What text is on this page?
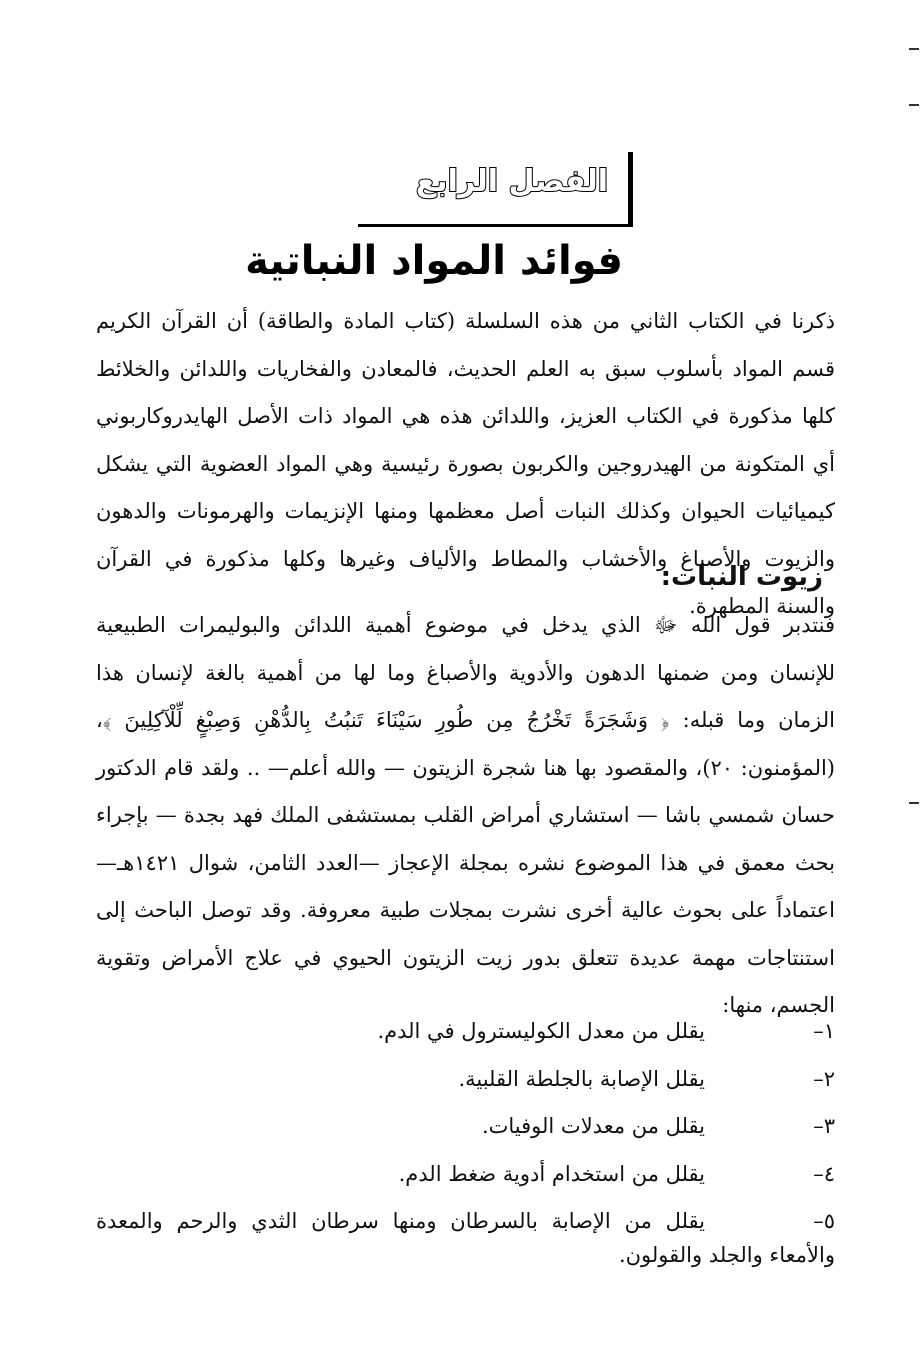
الفصل الرابع
فوائد المواد النباتية

ذكرنا في الكتاب الثاني من هذه السلسلة (كتاب المادة والطاقة) أن القرآن الكريم قسم المواد بأسلوب سبق به العلم الحديث، فالمعادن والفخاريات واللدائن والخلائط كلها مذكورة في الكتاب العزيز، واللدائن هذه هي المواد ذات الأصل الهايدروكاربوني أي المتكونة من الهيدروجين والكربون بصورة رئيسية وهي المواد العضوية التي يشكل كيميائيات الحيوان وكذلك النبات أصل معظمها ومنها الإنزيمات والهرمونات والدهون والزيوت والأصباغ والأخشاب والمطاط والألياف وغيرها وكلها مذكورة في القرآن والسنة المطهرة.

زيوت النبات:

فنتدبر قول الله ﷻ الذي يدخل في موضوع أهمية اللدائن والبوليمرات الطبيعية للإنسان ومن ضمنها الدهون والأدوية والأصباغ وما لها من أهمية بالغة لإنسان هذا الزمان وما قبله: ﴿ وَشَجَرَةً تَخْرُجُ مِن طُورِ سَيْنَاءَ تَنبُتُ بِالدُّهْنِ وَصِبْغٍ لِّلْآكِلِينَ ﴾، (المؤمنون: ٢٠)، والمقصود بها هنا شجرة الزيتون — والله أعلم— .. ولقد قام الدكتور حسان شمسي باشا — استشاري أمراض القلب بمستشفى الملك فهد بجدة — بإجراء بحث معمق في هذا الموضوع نشره بمجلة الإعجاز —العدد الثامن، شوال ١٤٢١هـ— اعتماداً على بحوث عالية أخرى نشرت بمجلات طبية معروفة. وقد توصل الباحث إلى استنتاجات مهمة عديدة تتعلق بدور زيت الزيتون الحيوي في علاج الأمراض وتقوية الجسم، منها:

١–
يقلل من معدل الكوليسترول في الدم.
٢–
يقلل الإصابة بالجلطة القلبية.
٣–
يقلل من معدلات الوفيات.
٤–
يقلل من استخدام أدوية ضغط الدم.
٥–
يقلل من الإصابة بالسرطان ومنها سرطان الثدي والرحم والمعدة
والأمعاء والجلد والقولون.
